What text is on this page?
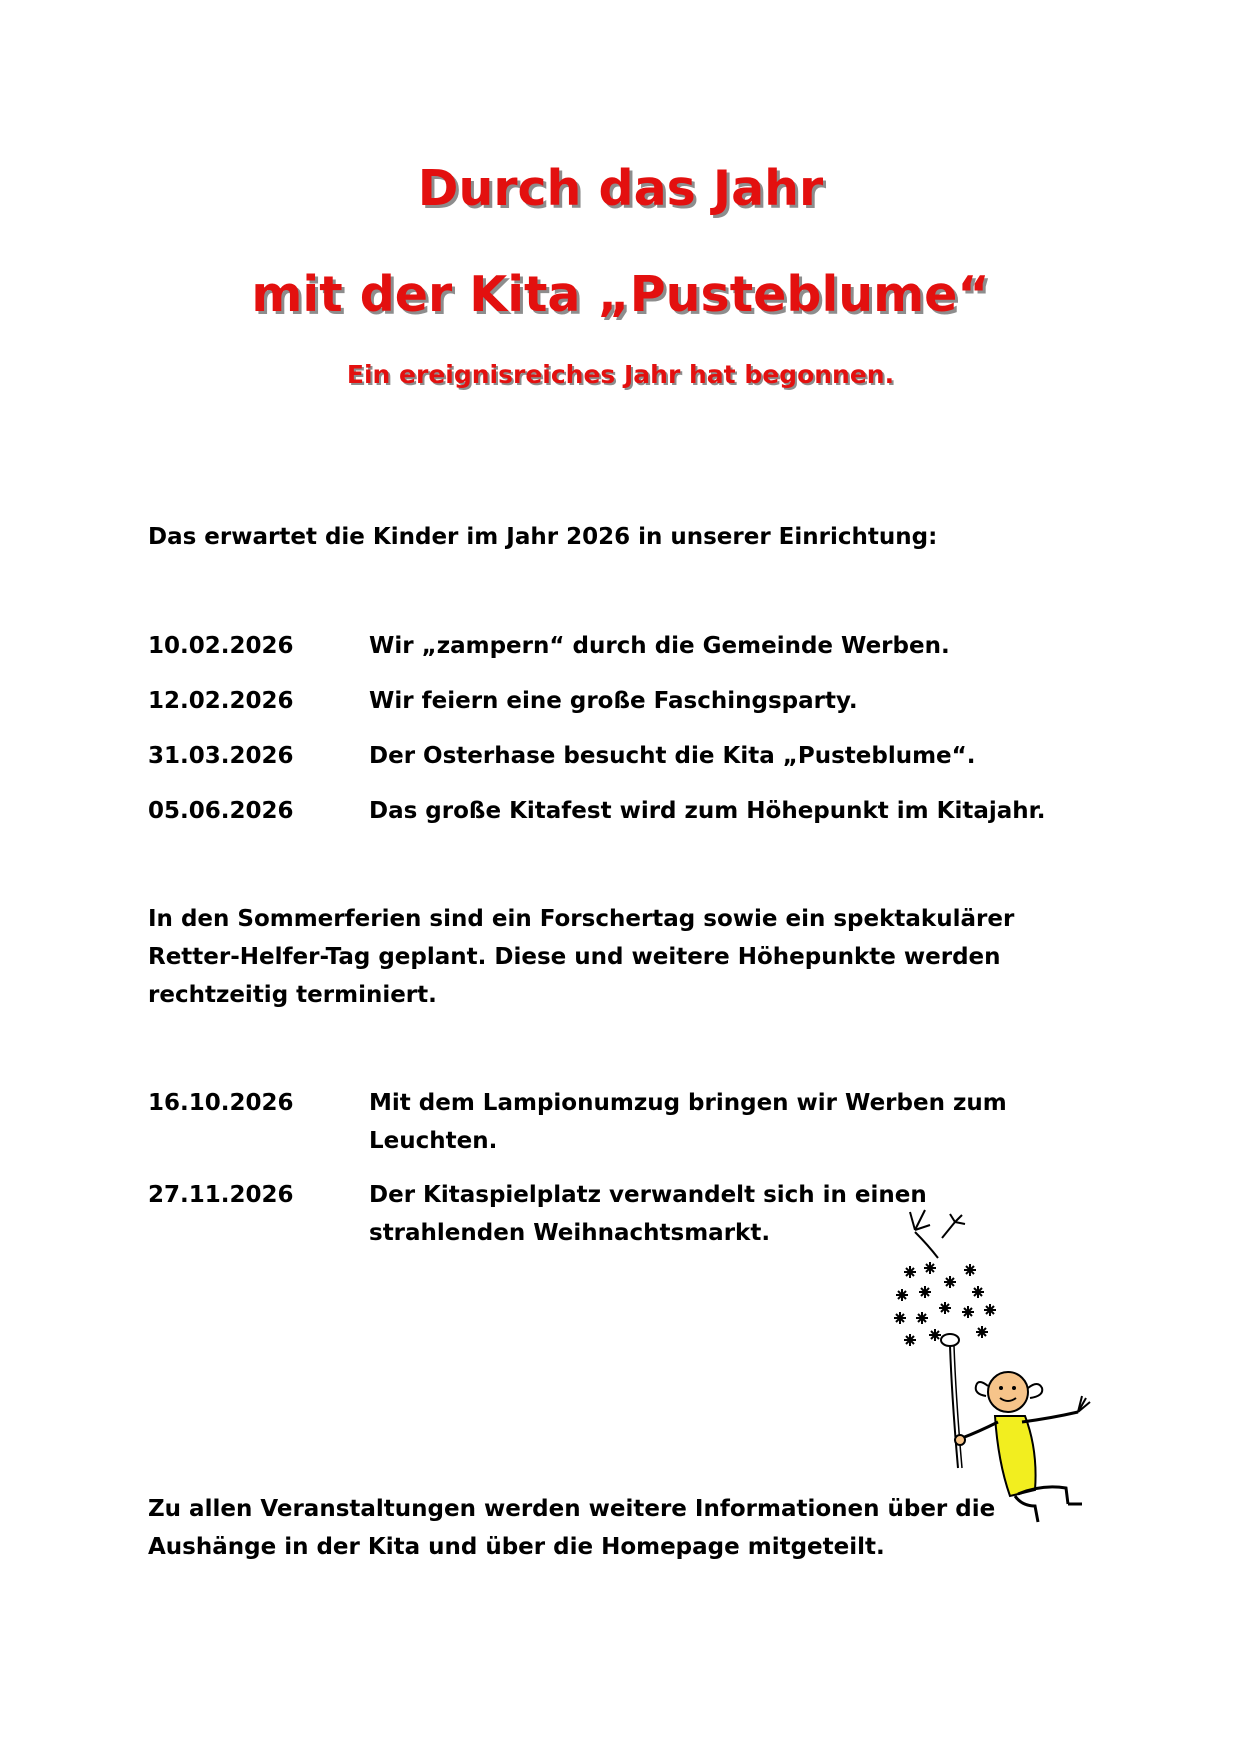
Durch das Jahr
mit der Kita „Pusteblume“
Ein ereignisreiches Jahr hat begonnen.
Das erwartet die Kinder im Jahr 2026 in unserer Einrichtung:
10.02.2026	Wir „zampern“ durch die Gemeinde Werben.
12.02.2026	Wir feiern eine große Faschingsparty.
31.03.2026	Der Osterhase besucht die Kita „Pusteblume“.
05.06.2026	Das große Kitafest wird zum Höhepunkt im Kitajahr.
In den Sommerferien sind ein Forschertag sowie ein spektakulärer
Retter-Helfer-Tag geplant. Diese und weitere Höhepunkte werden
rechtzeitig terminiert.
16.10.2026	Mit dem Lampionumzug bringen wir Werben zum
Leuchten.
27.11.2026	Der Kitaspielplatz verwandelt sich in einen
strahlenden Weihnachtsmarkt.
Zu allen Veranstaltungen werden weitere Informationen über die
Aushänge in der Kita und über die Homepage mitgeteilt.
